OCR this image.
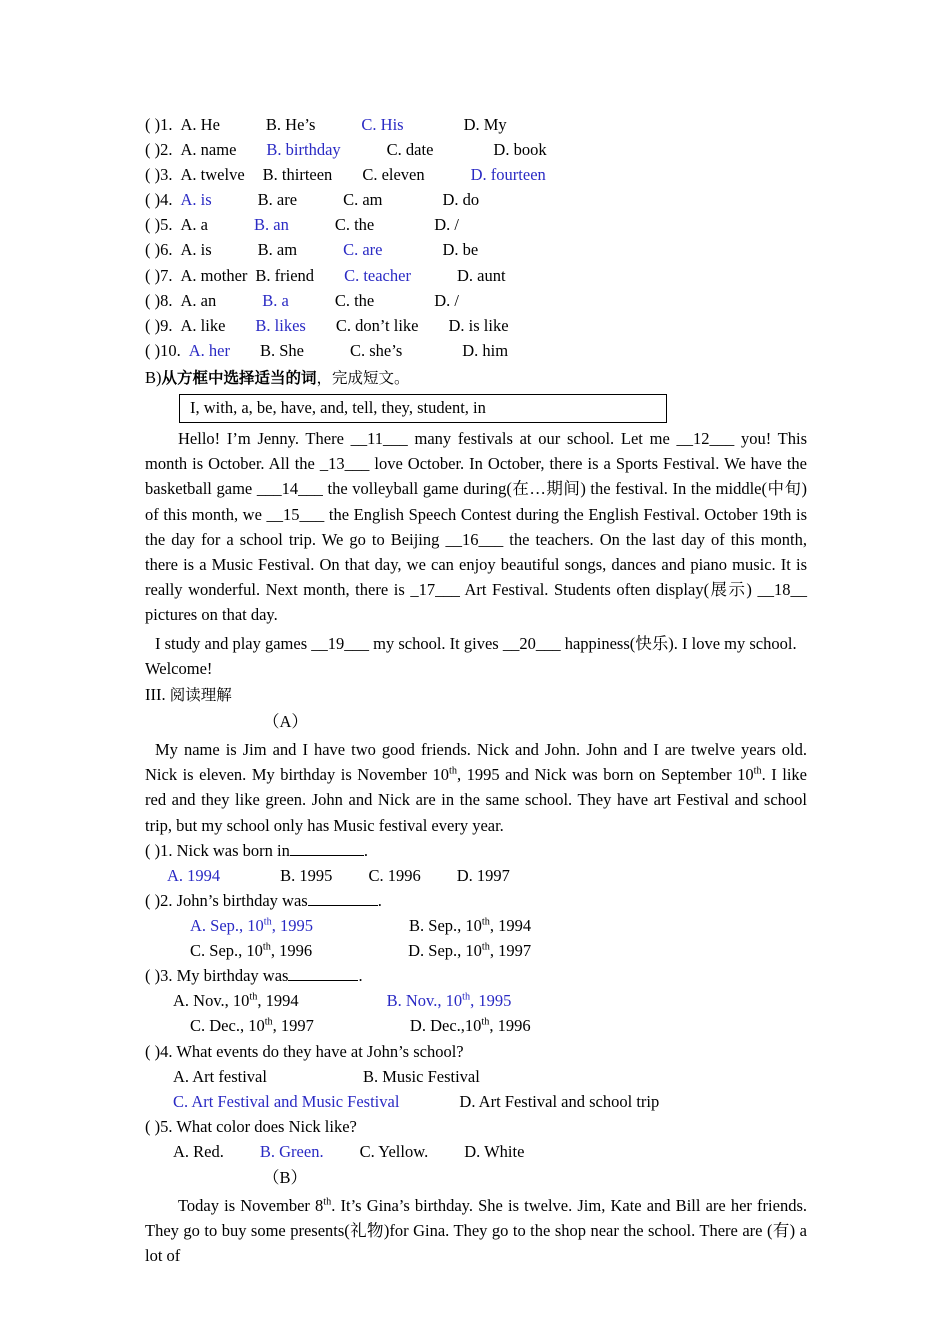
( )1. A. He	B. He’s	C. His	D. My
( )2. A. name B. birthday	C. date	D. book
( )3. A. twelve B. thirteen C. eleven	D. fourteen
( )4. A. is	B. are	C. am	D. do
( )5. A. a	B. an	C. the	D. /
( )6. A. is	B. am	C. are	D. be
( )7. A. mother B. friend C. teacher	D. aunt
( )8. A. an	B. a	C. the	D. /
( )9. A. like B. likes C. don’t like D. is like
( )10. A. her B. She	C. she’s	D. him
B)从方框中选择适当的词，完成短文。
I, with, a, be, have, and, tell, they, student, in
Hello! I’m Jenny. There __11___ many festivals at our school. Let me __12___ you! This month is October. All the _13___ love October. In October, there is a Sports Festival. We have the basketball game ___14___ the volleyball game during(在…期间) the festival. In the middle(中旬) of this month, we __15___ the English Speech Contest during the English Festival. October 19th is the day for a school trip. We go to Beijing __16___ the teachers. On the last day of this month, there is a Music Festival. On that day, we can enjoy beautiful songs, dances and piano music. It is really wonderful. Next month, there is _17___ Art Festival. Students often display(展示) __18__ pictures on that day.
I study and play games __19___ my school. It gives __20___ happiness(快乐). I love my school. Welcome!
III. 阅读理解
（A）
My name is Jim and I have two good friends. Nick and John. John and I are twelve years old. Nick is eleven. My birthday is November 10th, 1995 and Nick was born on September 10th. I like red and they like green. John and Nick are in the same school. They have art Festival and school trip, but my school only has Music festival every year.
( )1. Nick was born in	.
A. 1994	B. 1995 C. 1996 D. 1997
( )2. John’s birthday was	.
A. Sep., 10th, 1995	B. Sep., 10th, 1994
C. Sep., 10th, 1996	D. Sep., 10th, 1997
( )3. My birthday was	.
A. Nov., 10th, 1994	B. Nov., 10th, 1995
C. Dec., 10th, 1997	D. Dec.,10th, 1996
( )4. What events do they have at John’s school?
A. Art festival	B. Music Festival
C. Art Festival and Music Festival	D. Art Festival and school trip
( )5. What color does Nick like?
A. Red. B. Green. C. Yellow. D. White
（B）
Today is November 8th. It’s Gina’s birthday. She is twelve. Jim, Kate and Bill are her friends. They go to buy some presents(礼物)for Gina. They go to the shop near the school. There are (有) a lot of
